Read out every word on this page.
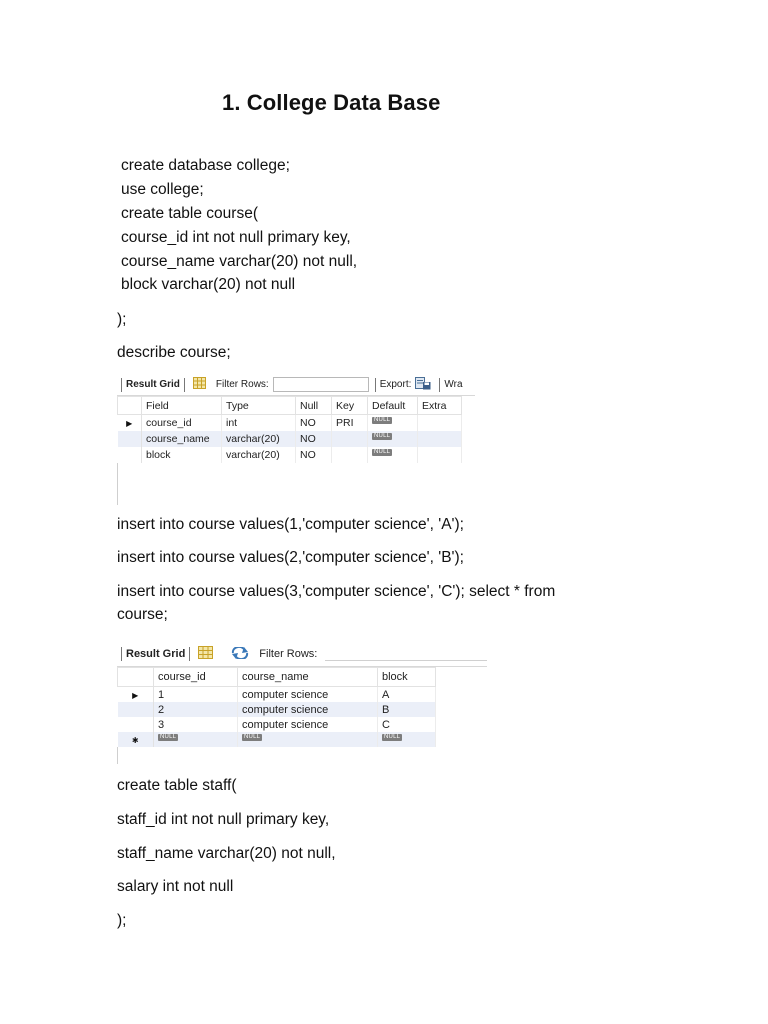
1. College Data Base
create database college;
use college;
create table course(
course_id int not null primary key,
course_name varchar(20) not null,
block varchar(20) not null
);
describe course;
Result Grid	Filter Rows:	Export:	Wra
	Field	Type	Null	Key	Default	Extra
▶	course_id	int	NO	PRI	NULL	
	course_name	varchar(20)	NO		NULL	
	block	varchar(20)	NO		NULL	
insert into course values(1,'computer science', 'A');
insert into course values(2,'computer science', 'B');
insert into course values(3,'computer science', 'C'); select * from
course;
Result Grid	Filter Rows:
	course_id	course_name	block
▶	1	computer science	A
	2	computer science	B
	3	computer science	C
✱	NULL	NULL	NULL
create table staff(
staff_id int not null primary key,
staff_name varchar(20) not null,
salary int not null
);
